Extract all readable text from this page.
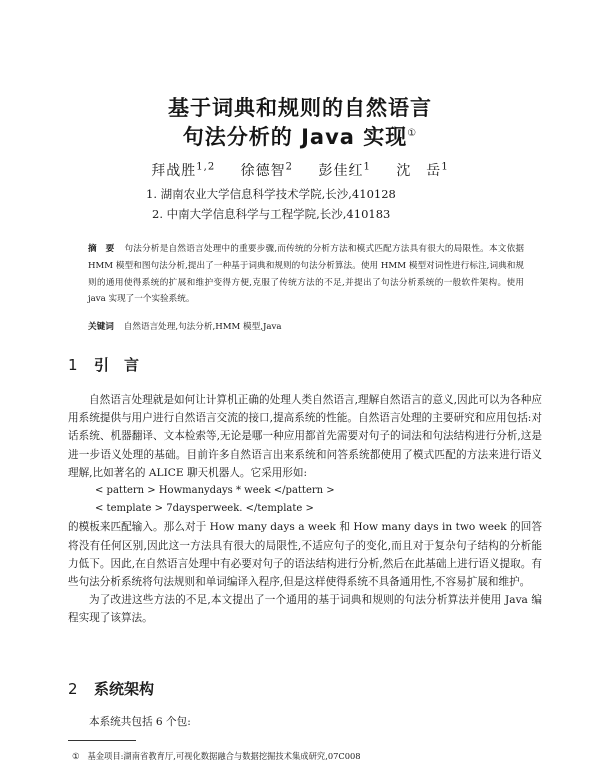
基于词典和规则的自然语言
句法分析的 Java 实现①
拜战胜$^{1,2}$ 徐德智$^2$ 彭佳红$^1$ 沈　岳$^1$
1. 湖南农业大学信息科学技术学院,长沙,410128
2. 中南大学信息科学与工程学院,长沙,410183
摘　要 句法分析是自然语言处理中的重要步骤,而传统的分析方法和模式匹配方法具有很大的局限性。本文依据 HMM 模型和图句法分析,提出了一种基于词典和规则的句法分析算法。使用 HMM 模型对词性进行标注,词典和规则的通用使得系统的扩展和维护变得方便,克服了传统方法的不足,并提出了句法分析系统的一般软件架构。使用 java 实现了一个实验系统。
关键词 自然语言处理,句法分析,HMM 模型,Java
1 引　言

自然语言处理就是如何让计算机正确的处理人类自然语言,理解自然语言的意义,因此可以为各种应用系统提供与用户进行自然语言交流的接口,提高系统的性能。自然语言处理的主要研究和应用包括:对话系统、机器翻译、文本检索等,无论是哪一种应用都首先需要对句子的词法和句法结构进行分析,这是进一步语义处理的基础。目前许多自然语言出来系统和问答系统都使用了模式匹配的方法来进行语义理解,比如著名的 ALICE 聊天机器人。它采用形如:

< pattern > Howmanydays * week </pattern >

< template > 7daysperweek. </template >

的模板来匹配输入。那么对于 How many days a week 和 How many days in two week 的回答将没有任何区别,因此这一方法具有很大的局限性,不适应句子的变化,而且对于复杂句子结构的分析能力低下。因此,在自然语言处理中有必要对句子的语法结构进行分析,然后在此基础上进行语义提取。有些句法分析系统将句法规则和单词编译入程序,但是这样使得系统不具备通用性,不容易扩展和维护。

为了改进这些方法的不足,本文提出了一个通用的基于词典和规则的句法分析算法并使用 Java 编程实现了该算法。

2 系统架构

本系统共包括 6 个包:

① 基金项目:湖南省教育厅,可视化数据融合与数据挖掘技术集成研究,07C008
